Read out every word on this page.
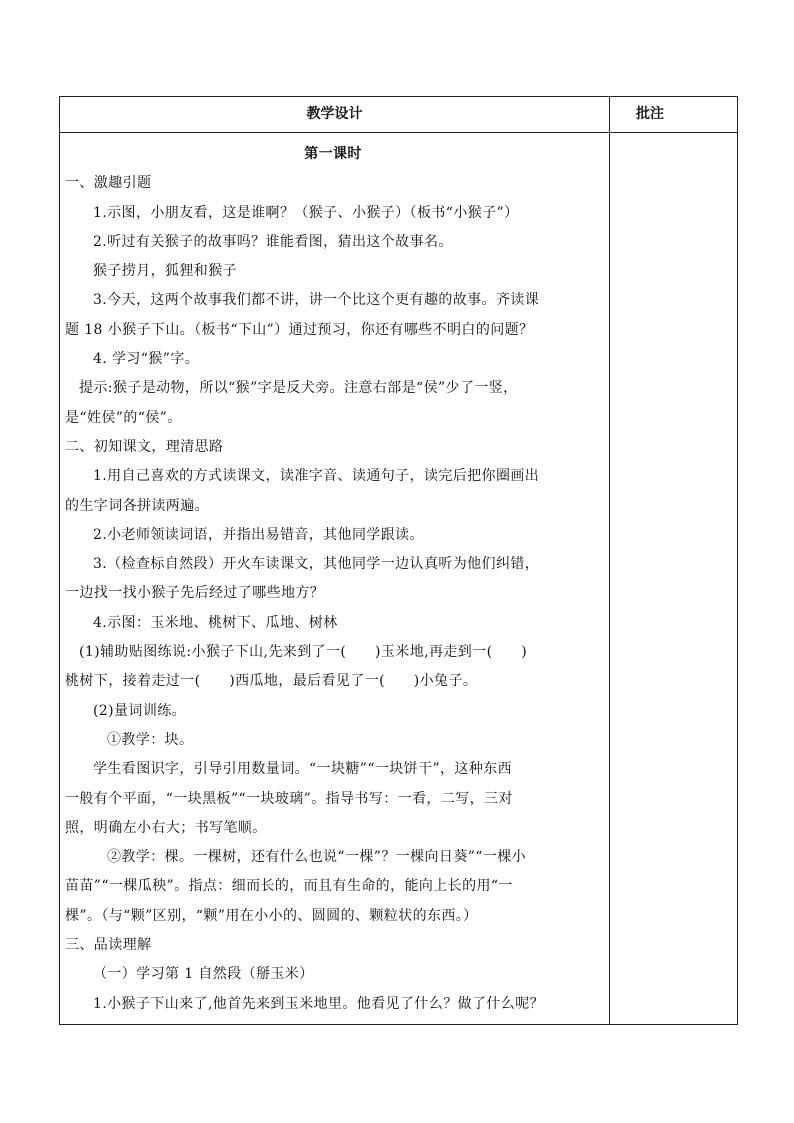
教学设计	批注

第一课时

一、激趣引题

1.示图，小朋友看，这是谁啊？（猴子、小猴子）（板书“小猴子”）

2.听过有关猴子的故事吗？谁能看图，猜出这个故事名。

猴子捞月，狐狸和猴子

3.今天，这两个故事我们都不讲，讲一个比这个更有趣的故事。齐读课

题 18 小猴子下山。（板书“下山”）通过预习，你还有哪些不明白的问题？

4. 学习“猴”字。

提示:猴子是动物，所以“猴”字是反犬旁。注意右部是“侯”少了一竖，

是“姓侯”的“侯”。

二、初知课文，理清思路

1.用自己喜欢的方式读课文，读准字音、读通句子，读完后把你圈画出

的生字词各拼读两遍。

2.小老师领读词语，并指出易错音，其他同学跟读。

3.（检查标自然段）开火车读课文，其他同学一边认真听为他们纠错，

一边找一找小猴子先后经过了哪些地方？

4.示图：玉米地、桃树下、瓜地、树林

(1)辅助贴图练说:小猴子下山,先来到了一(　　)玉米地,再走到一(　　)

桃树下，接着走过一(　　)西瓜地，最后看见了一(　　)小兔子。

(2)量词训练。

①教学：块。

学生看图识字，引导引用数量词。“一块糖”“一块饼干”，这种东西

一般有个平面，“一块黑板”“一块玻璃”。指导书写：一看，二写，三对

照，明确左小右大；书写笔顺。

②教学：棵。一棵树，还有什么也说“一棵”？一棵向日葵”“一棵小

苗苗”“一棵瓜秧”。指点：细而长的，而且有生命的，能向上长的用“一

棵”。（与“颗”区别，“颗”用在小小的、圆圆的、颗粒状的东西。）

三、品读理解

（一）学习第 1 自然段（掰玉米）

1.小猴子下山来了,他首先来到玉米地里。他看见了什么？做了什么呢？
